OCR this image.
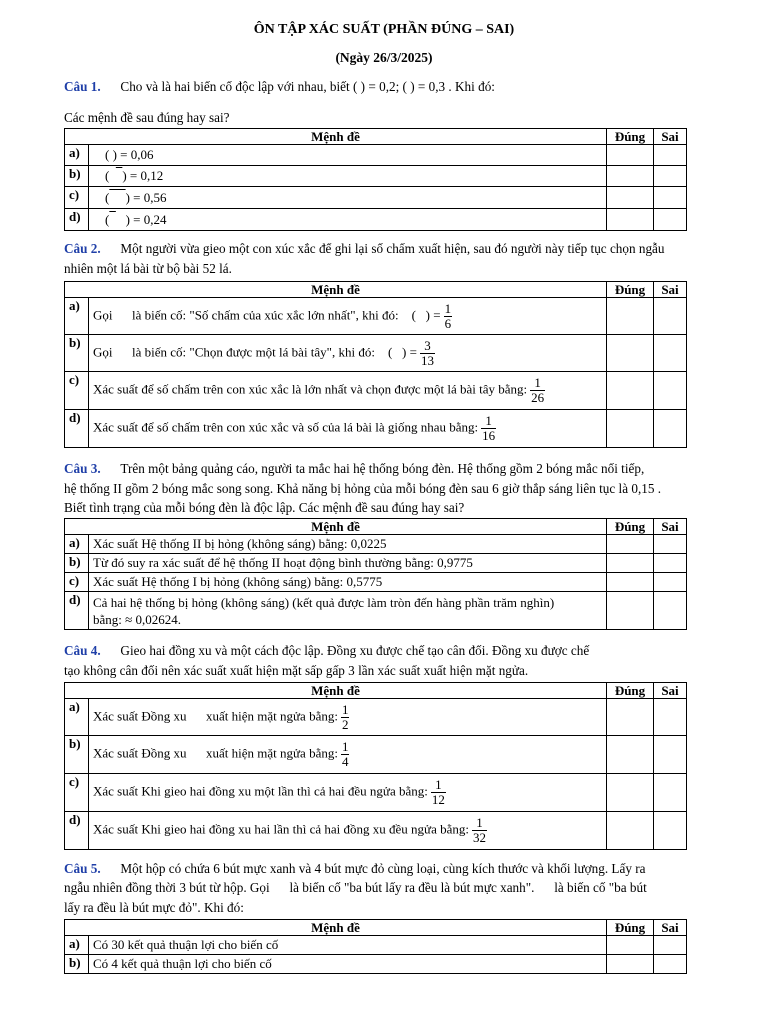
ÔN TẬP XÁC SUẤT (PHẦN ĐÚNG – SAI)
(Ngày 26/3/2025)
Câu 1. Cho và là hai biến cố độc lập với nhau, biết ( ) = 0,2; ( ) = 0,3 . Khi đó:
Các mệnh đề sau đúng hay sai?
Mệnh đề		Đúng	Sai
a)	( ) = 0,06		
b)	(    ) = 0,12		
c)	( ) = 0,56		
d)	(     ) = 0,24		
Câu 2. Một người vừa gieo một con xúc xắc để ghi lại số chấm xuất hiện, sau đó người này tiếp tục chọn ngẫu
nhiên một lá bài từ bộ bài 52 lá.
Mệnh đề		Đúng	Sai
a)	Gọi      là biến cố: "Số chấm của xúc xắc lớn nhất", khi đó:    (   ) = $\frac{1}{6}$

b)	Gọi      là biến cố: "Chọn được một lá bài tây", khi đó:    (   ) = $\frac{3}{13}$

c)	Xác suất để số chấm trên con xúc xắc là lớn nhất và chọn được một lá bài tây bằng: $\frac{1}{26}$

d)	Xác suất để số chấm trên con xúc xắc và số của lá bài là giống nhau bằng: $\frac{1}{16}$

Câu 3. Trên một bảng quảng cáo, người ta mắc hai hệ thống bóng đèn. Hệ thống gồm 2 bóng mắc nối tiếp,
hệ thống II gồm 2 bóng mắc song song. Khả năng bị hỏng của mỗi bóng đèn sau 6 giờ thắp sáng liên tục là 0,15 .
Biết tình trạng của mỗi bóng đèn là độc lập. Các mệnh đề sau đúng hay sai?
Mệnh đề		Đúng	Sai
a)	Xác suất Hệ thống II bị hỏng (không sáng) bằng: 0,0225		
b)	Từ đó suy ra xác suất để hệ thống II hoạt động bình thường bằng: 0,9775		
c)	Xác suất Hệ thống I bị hỏng (không sáng) bằng: 0,5775		
d)	Cả hai hệ thống bị hỏng (không sáng) (kết quả được làm tròn đến hàng phần trăm nghìn)
bằng: ≈ 0,02624.		

Câu 4. Gieo hai đồng xu và một cách độc lập. Đồng xu được chế tạo cân đối. Đồng xu được chế
tạo không cân đối nên xác suất xuất hiện mặt sấp gấp 3 lần xác suất xuất hiện mặt ngửa.
Mệnh đề		Đúng	Sai
a)	Xác suất Đồng xu      xuất hiện mặt ngửa bằng: $\frac{1}{2}$

b)	Xác suất Đồng xu      xuất hiện mặt ngửa bằng: $\frac{1}{4}$

c)	Xác suất Khi gieo hai đồng xu một lần thì cả hai đều ngửa bằng: $\frac{1}{12}$

d)	Xác suất Khi gieo hai đồng xu hai lần thì cả hai đồng xu đều ngửa bằng: $\frac{1}{32}$

Câu 5. Một hộp có chứa 6 bút mực xanh và 4 bút mực đỏ cùng loại, cùng kích thước và khối lượng. Lấy ra
ngẫu nhiên đồng thời 3 bút từ hộp. Gọi      là biến cố "ba bút lấy ra đều là bút mực xanh".      là biến cố "ba bút
lấy ra đều là bút mực đỏ". Khi đó:
Mệnh đề		Đúng	Sai
a)	Có 30 kết quả thuận lợi cho biến cố		
b)	Có 4 kết quả thuận lợi cho biến cố		
